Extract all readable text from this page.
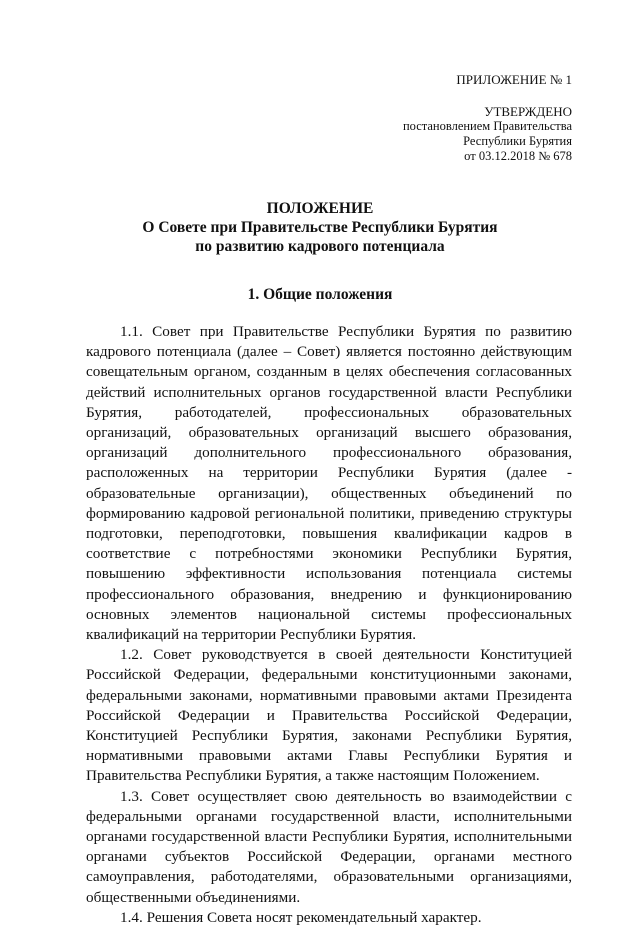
ПРИЛОЖЕНИЕ № 1
УТВЕРЖДЕНО
постановлением Правительства
Республики Бурятия
от 03.12.2018 № 678
ПОЛОЖЕНИЕ
О Совете при Правительстве Республики Бурятия
по развитию кадрового потенциала
1. Общие положения

1.1. Совет при Правительстве Республики Бурятия по развитию кадрового потенциала (далее – Совет) является постоянно действующим совещательным органом, созданным в целях обеспечения согласованных действий исполнительных органов государственной власти Республики Бурятия, работодателей, профессиональных образовательных организаций, образовательных организаций высшего образования, организаций дополнительного профессионального образования, расположенных на территории Республики Бурятия (далее - образовательные организации), общественных объединений по формированию кадровой региональной политики, приведению структуры подготовки, переподготовки, повышения квалификации кадров в соответствие с потребностями экономики Республики Бурятия, повышению эффективности использования потенциала системы профессионального образования, внедрению и функционированию основных элементов национальной системы профессиональных квалификаций на территории Республики Бурятия.

1.2. Совет руководствуется в своей деятельности Конституцией Российской Федерации, федеральными конституционными законами, федеральными законами, нормативными правовыми актами Президента Российской Федерации и Правительства Российской Федерации, Конституцией Республики Бурятия, законами Республики Бурятия, нормативными правовыми актами Главы Республики Бурятия и Правительства Республики Бурятия, а также настоящим Положением.

1.3. Совет осуществляет свою деятельность во взаимодействии с федеральными органами государственной власти, исполнительными органами государственной власти Республики Бурятия, исполнительными органами субъектов Российской Федерации, органами местного самоуправления, работодателями, образовательными организациями, общественными объединениями.

1.4. Решения Совета носят рекомендательный характер.
